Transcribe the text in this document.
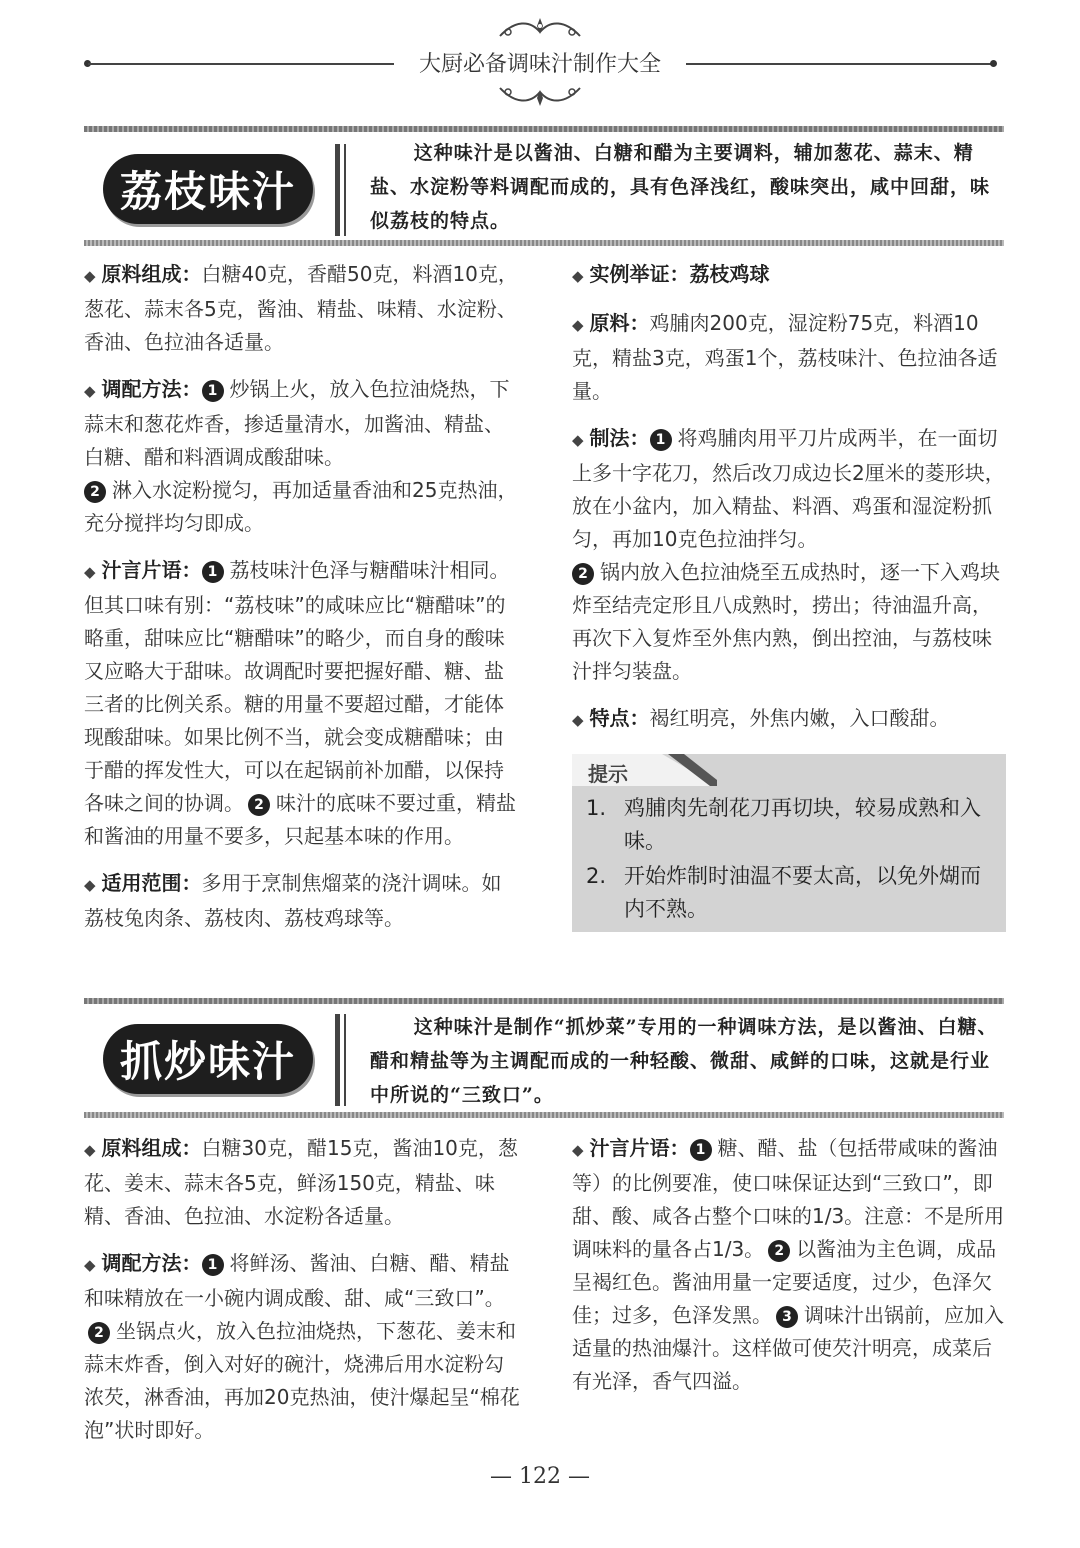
大厨必备调味汁制作大全
荔枝味汁

这种味汁是以酱油、白糖和醋为主要调料，辅加葱花、蒜末、精盐、水淀粉等料调配而成的，具有色泽浅红，酸味突出，咸中回甜，味似荔枝的特点。

◆ 原料组成：白糖40克，香醋50克，料酒10克，葱花、蒜末各5克，酱油、精盐、味精、水淀粉、香油、色拉油各适量。

◆ 调配方法： 1 炒锅上火，放入色拉油烧热，下蒜末和葱花炸香，掺适量清水，加酱油、精盐、白糖、醋和料酒调成酸甜味。
2 淋入水淀粉搅匀，再加适量香油和25克热油，充分搅拌均匀即成。

◆ 汁言片语： 1 荔枝味汁色泽与糖醋味汁相同。但其口味有别：“荔枝味”的咸味应比“糖醋味”的略重，甜味应比“糖醋味”的略少，而自身的酸味又应略大于甜味。故调配时要把握好醋、糖、盐三者的比例关系。糖的用量不要超过醋，才能体现酸甜味。如果比例不当，就会变成糖醋味；由于醋的挥发性大，可以在起锅前补加醋，以保持各味之间的协调。 2 味汁的底味不要过重，精盐和酱油的用量不要多，只起基本味的作用。

◆ 适用范围：多用于烹制焦熘菜的浇汁调味。如荔枝兔肉条、荔枝肉、荔枝鸡球等。

◆ 实例举证：荔枝鸡球

◆ 原料：鸡脯肉200克，湿淀粉75克，料酒10克，精盐3克，鸡蛋1个，荔枝味汁、色拉油各适量。

◆ 制法： 1 将鸡脯肉用平刀片成两半，在一面切上多十字花刀，然后改刀成边长2厘米的菱形块，放在小盆内，加入精盐、料酒、鸡蛋和湿淀粉抓匀，再加10克色拉油拌匀。
2 锅内放入色拉油烧至五成热时，逐一下入鸡块炸至结壳定形且八成熟时，捞出；待油温升高，再次下入复炸至外焦内熟，倒出控油，与荔枝味汁拌匀装盘。

◆ 特点：褐红明亮，外焦内嫩，入口酸甜。

提示
1. 鸡脯肉先剞花刀再切块，较易成熟和入味。
2. 开始炸制时油温不要太高，以免外煳而内不熟。
抓炒味汁

这种味汁是制作“抓炒菜”专用的一种调味方法，是以酱油、白糖、醋和精盐等为主调配而成的一种轻酸、微甜、咸鲜的口味，这就是行业中所说的“三致口”。

◆ 原料组成：白糖30克，醋15克，酱油10克，葱花、姜末、蒜末各5克，鲜汤150克，精盐、味精、香油、色拉油、水淀粉各适量。

◆ 调配方法： 1 将鲜汤、酱油、白糖、醋、精盐和味精放在一小碗内调成酸、甜、咸“三致口”。2 坐锅点火，放入色拉油烧热，下葱花、姜末和蒜末炸香，倒入对好的碗汁，烧沸后用水淀粉勾浓芡，淋香油，再加20克热油，使汁爆起呈“棉花泡”状时即好。

◆ 汁言片语： 1 糖、醋、盐（包括带咸味的酱油等）的比例要准，使口味保证达到“三致口”，即甜、酸、咸各占整个口味的1/3。注意：不是所用调味料的量各占1/3。 2 以酱油为主色调，成品呈褐红色。酱油用量一定要适度，过少，色泽欠佳；过多，色泽发黑。 3 调味汁出锅前，应加入适量的热油爆汁。这样做可使芡汁明亮，成菜后有光泽，香气四溢。

— 122 —
